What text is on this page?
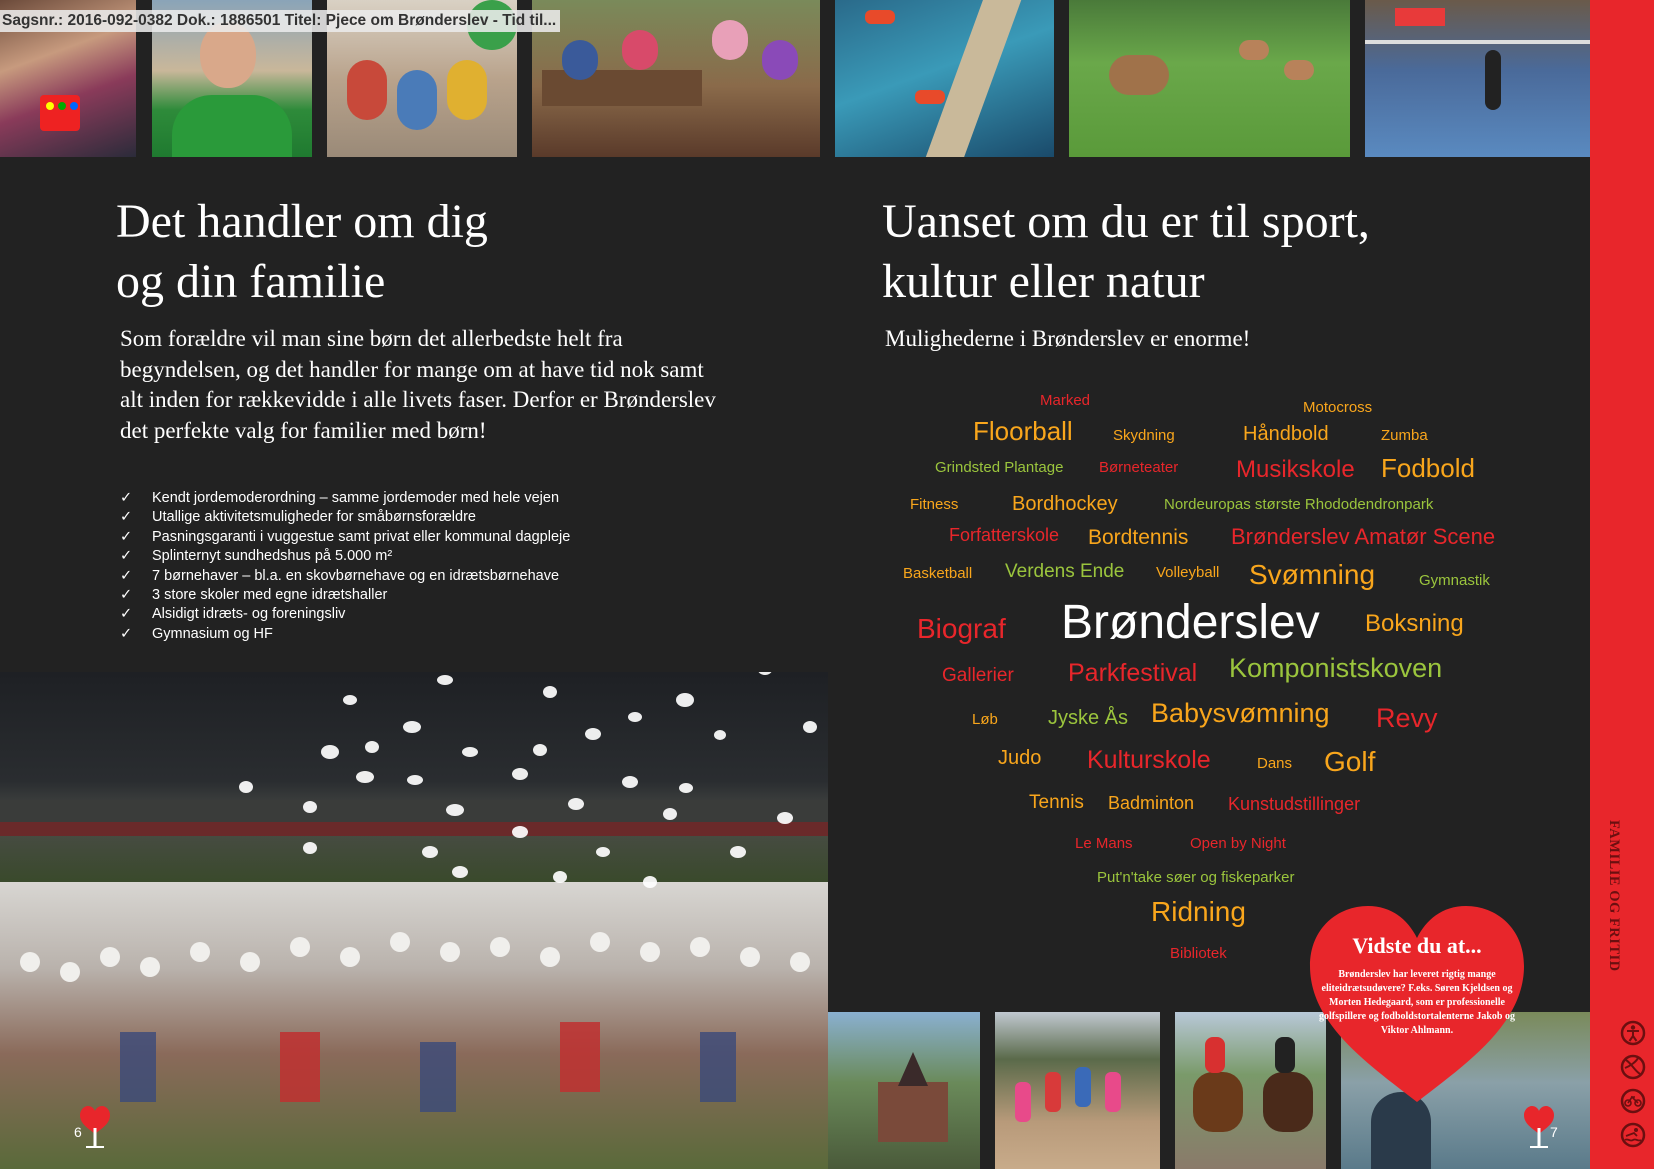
Sagsnr.: 2016-092-0382 Dok.: 1886501 Titel: Pjece om Brønderslev - Tid til...
Det handler om dig
og din familie

Som forældre vil man sine børn det allerbedste helt fra begyndelsen, og det handler for mange om at have tid nok samt alt inden for rækkevidde i alle livets faser. Derfor er Brønderslev det perfekte valg for familier med børn!

✓	Kendt jordemoderordning – samme jordemoder med hele vejen
✓	Utallige aktivitetsmuligheder for småbørnsforældre
✓	Pasningsgaranti i vuggestue samt privat eller kommunal dagpleje
✓	Splinternyt sundhedshus på 5.000 m²
✓	7 børnehaver – bl.a. en skovbørnehave og en idrætsbørnehave
✓	3 store skoler med egne idrætshaller
✓	Alsidigt idræts- og foreningsliv
✓	Gymnasium og HF
Uanset om du er til sport,
kultur eller natur

Mulighederne i Brønderslev er enorme!

Marked	Motocross
Floorball	Skydning	Håndbold	Zumba
Grindsted Plantage Børneteater Musikskole Fodbold
Fitness	Bordhockey	Nordeuropas største Rhododendronpark
Forfatterskole Bordtennis Brønderslev Amatør Scene
Basketball Verdens Ende Volleyball Svømning	Gymnastik
Biograf Brønderslev Boksning
Gallerier Parkfestival Komponistskoven
Løb	Jyske Ås Babysvømning Revy
Judo Kulturskole	Dans Golf
Tennis Badminton Kunstudstillinger
Le Mans	Open by Night
Put'n'take søer og fiskeparker
Ridning
Bibliotek	Vidste du at...
Brønderslev har leveret rigtig mange eliteidrætsudøvere? F.eks. Søren Kjeldsen og Morten Hedegaard, som er professionelle golfspillere og fodboldstortalenterne Jakob og Viktor Ahlmann.
6	7
FAMILIE OG FRITID
